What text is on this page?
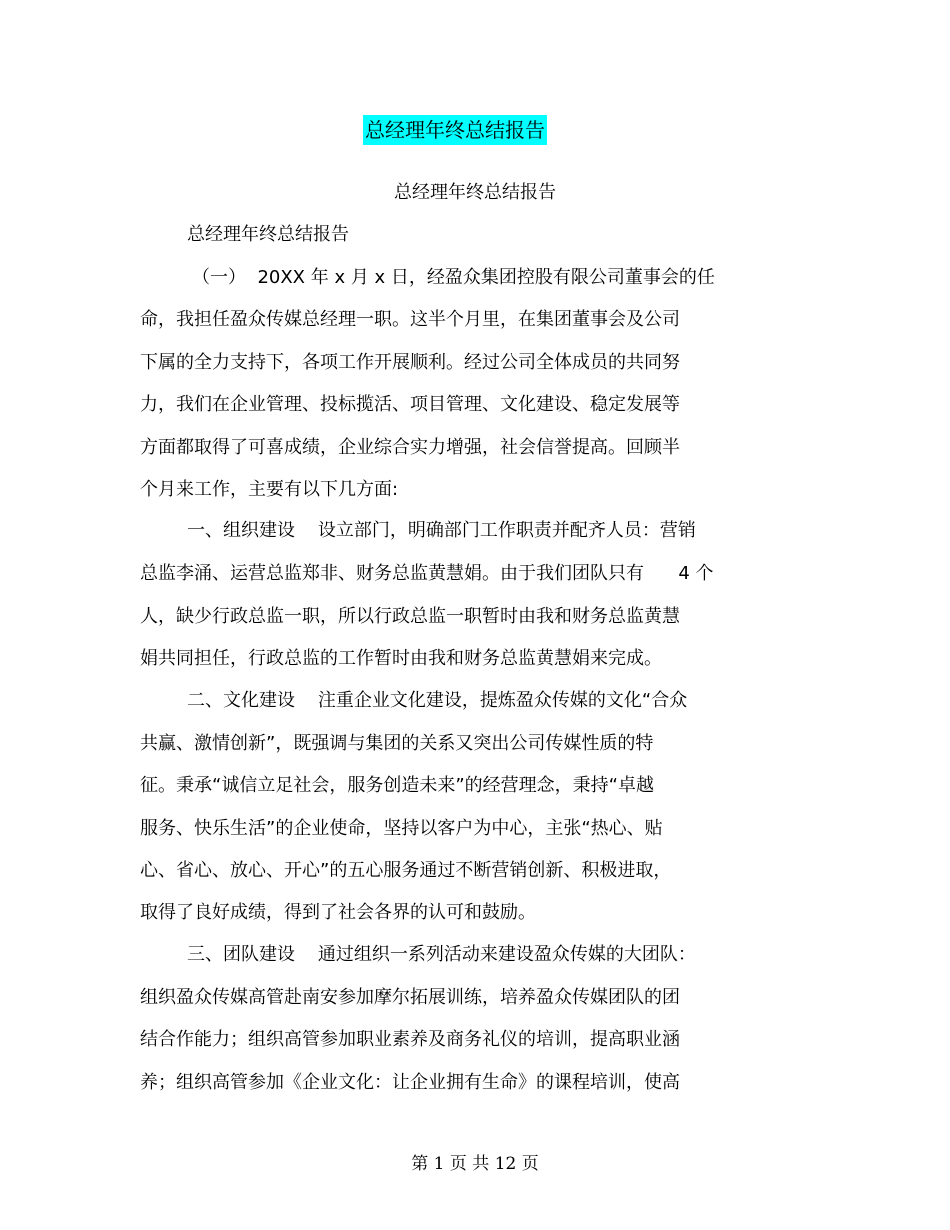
总经理年终总结报告
总经理年终总结报告
总经理年终总结报告
（一）  20XX 年 x 月 x 日，经盈众集团控股有限公司董事会的任
命，我担任盈众传媒总经理一职。这半个月里，在集团董事会及公司
下属的全力支持下，各项工作开展顺利。经过公司全体成员的共同努
力，我们在企业管理、投标揽活、项目管理、文化建设、稳定发展等
方面都取得了可喜成绩，企业综合实力增强，社会信誉提高。回顾半
个月来工作，主要有以下几方面:
一、组织建设    设立部门，明确部门工作职责并配齐人员：营销
总监李涌、运营总监郑非、财务总监黄慧娟。由于我们团队只有      4 个
人，缺少行政总监一职，所以行政总监一职暂时由我和财务总监黄慧
娟共同担任，行政总监的工作暂时由我和财务总监黄慧娟来完成。
二、文化建设    注重企业文化建设，提炼盈众传媒的文化“合众
共赢、激情创新”，既强调与集团的关系又突出公司传媒性质的特
征。秉承“诚信立足社会，服务创造未来”的经营理念，秉持“卓越
服务、快乐生活”的企业使命，坚持以客户为中心，主张“热心、贴
心、省心、放心、开心”的五心服务通过不断营销创新、积极进取，
取得了良好成绩，得到了社会各界的认可和鼓励。
三、团队建设    通过组织一系列活动来建设盈众传媒的大团队：
组织盈众传媒高管赴南安参加摩尔拓展训练，培养盈众传媒团队的团
结合作能力；组织高管参加职业素养及商务礼仪的培训，提高职业涵
养；组织高管参加《企业文化：让企业拥有生命》的课程培训，使高
第 1 页 共 12 页
